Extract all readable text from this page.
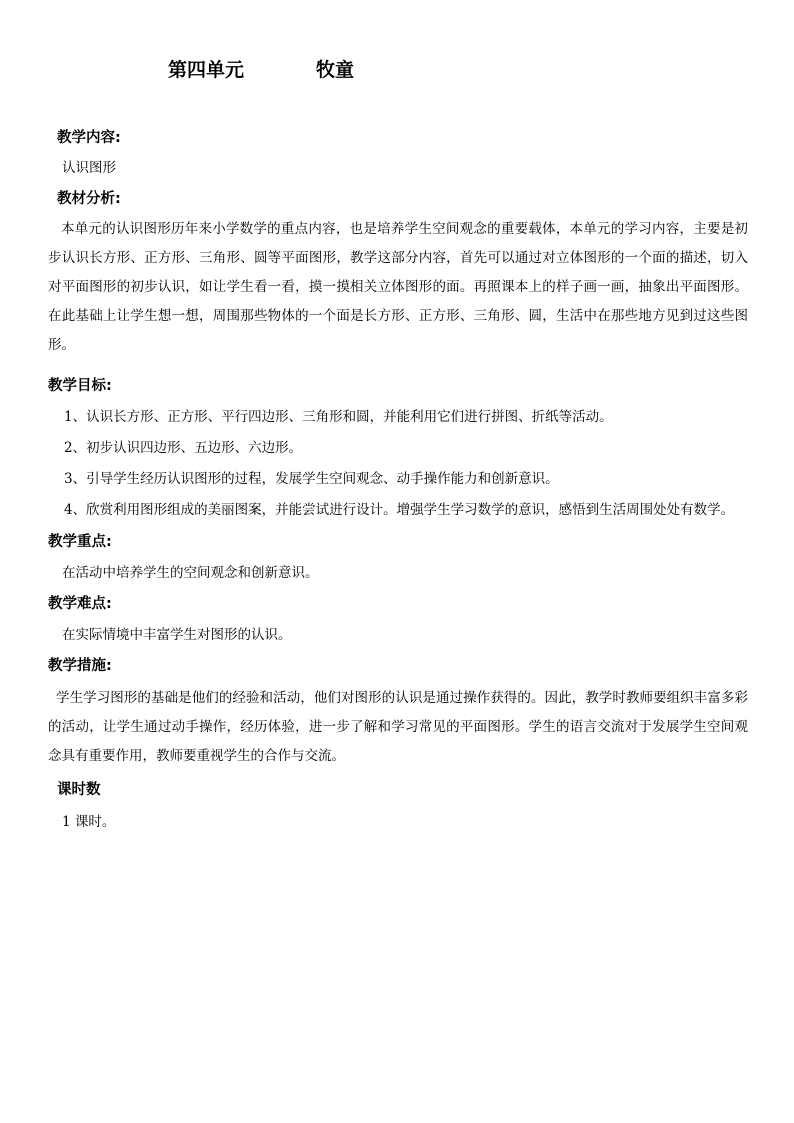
第四单元	牧童
教学内容:
认识图形
教材分析:
本单元的认识图形历年来小学数学的重点内容，也是培养学生空间观念的重要载体，本单元的学习内容，主要是初步认识长方形、正方形、三角形、圆等平面图形，教学这部分内容，首先可以通过对立体图形的一个面的描述，切入对平面图形的初步认识，如让学生看一看，摸一摸相关立体图形的面。再照课本上的样子画一画，抽象出平面图形。在此基础上让学生想一想，周围那些物体的一个面是长方形、正方形、三角形、圆，生活中在那些地方见到过这些图形。
教学目标:
1、认识长方形、正方形、平行四边形、三角形和圆，并能利用它们进行拼图、折纸等活动。
2、初步认识四边形、五边形、六边形。
3、引导学生经历认识图形的过程，发展学生空间观念、动手操作能力和创新意识。
4、欣赏利用图形组成的美丽图案，并能尝试进行设计。增强学生学习数学的意识，感悟到生活周围处处有数学。
教学重点:
在活动中培养学生的空间观念和创新意识。
教学难点:
在实际情境中丰富学生对图形的认识。
教学措施:
学生学习图形的基础是他们的经验和活动，他们对图形的认识是通过操作获得的。因此，教学时教师要组织丰富多彩的活动，让学生通过动手操作，经历体验，进一步了解和学习常见的平面图形。学生的语言交流对于发展学生空间观念具有重要作用，教师要重视学生的合作与交流。
课时数
1 课时。
